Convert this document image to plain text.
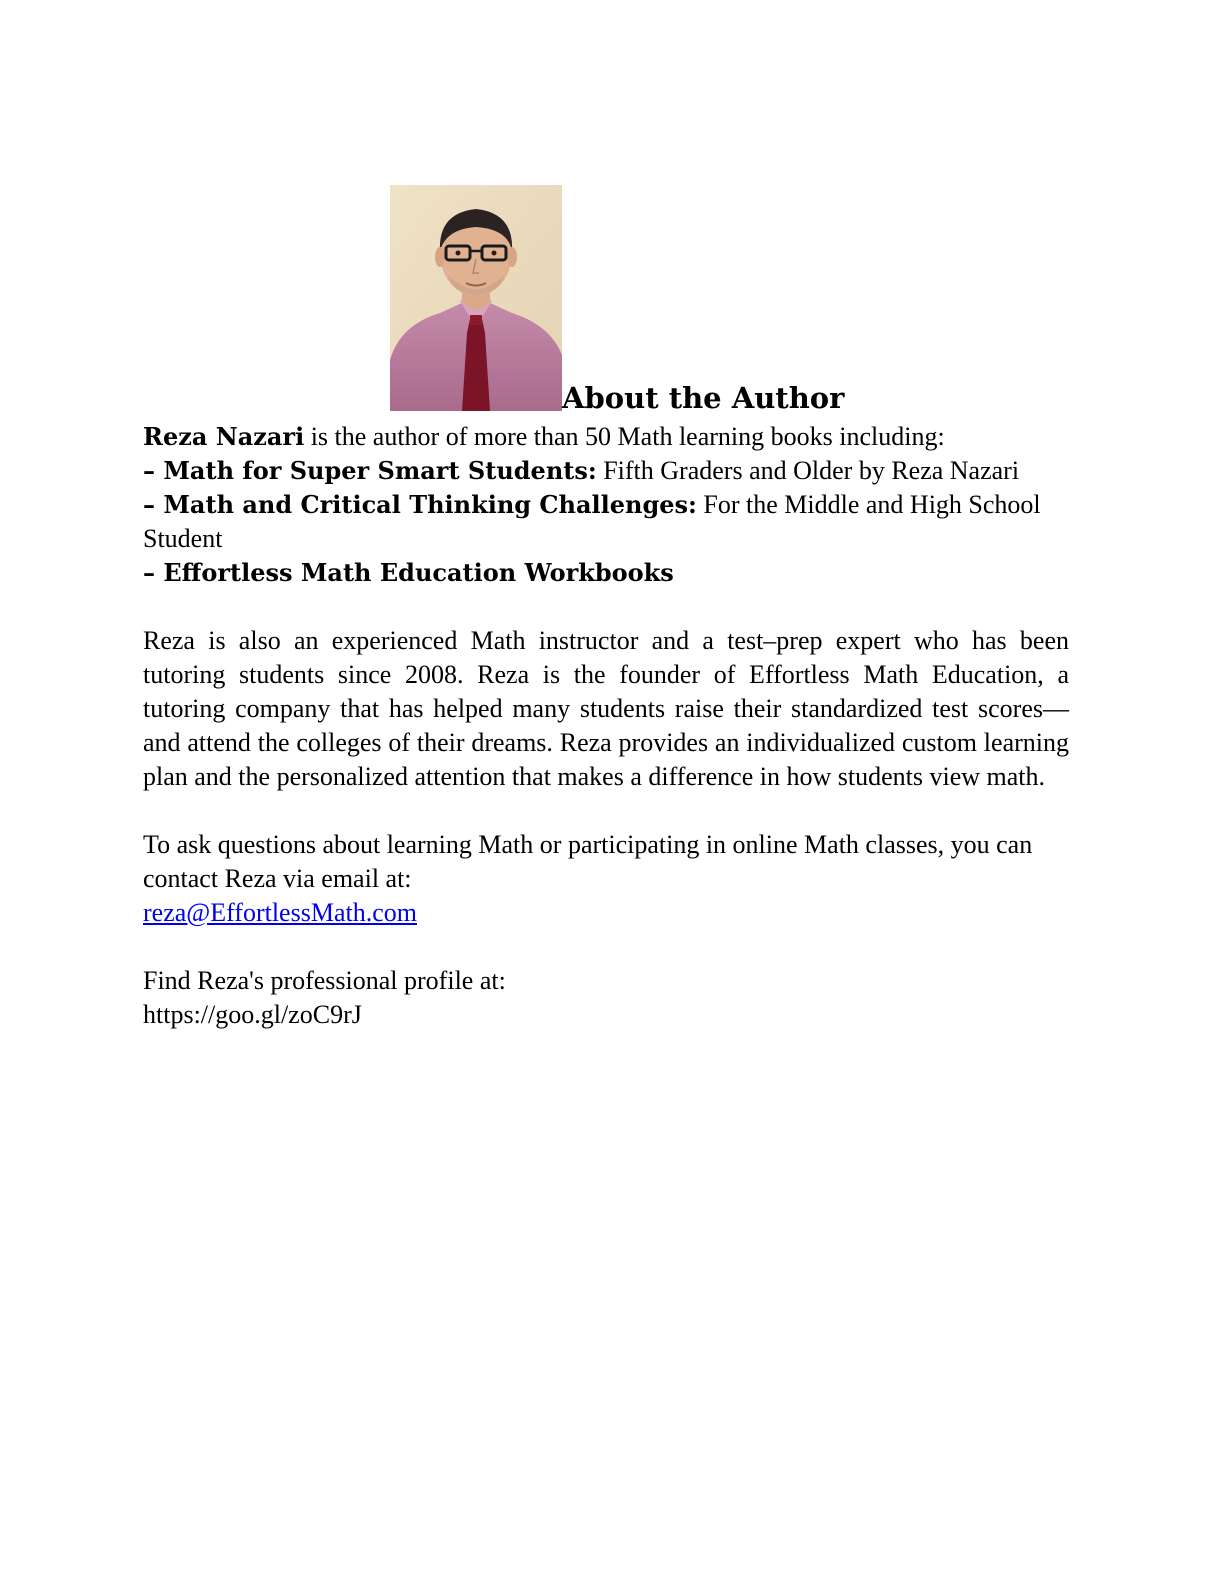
About the Author

Reza Nazari is the author of more than 50 Math learning books including:

– Math for Super Smart Students: Fifth Graders and Older by Reza Nazari

– Math and Critical Thinking Challenges: For the Middle and High School Student

– Effortless Math Education Workbooks

Reza is also an experienced Math instructor and a test–prep expert who has been tutoring students since 2008. Reza is the founder of Effortless Math Education, a tutoring company that has helped many students raise their standardized test scores—and attend the colleges of their dreams. Reza provides an individualized custom learning plan and the personalized attention that makes a difference in how students view math.

To ask questions about learning Math or participating in online Math classes, you can contact Reza via email at:

reza@EffortlessMath.com

Find Reza's professional profile at:

https://goo.gl/zoC9rJ
